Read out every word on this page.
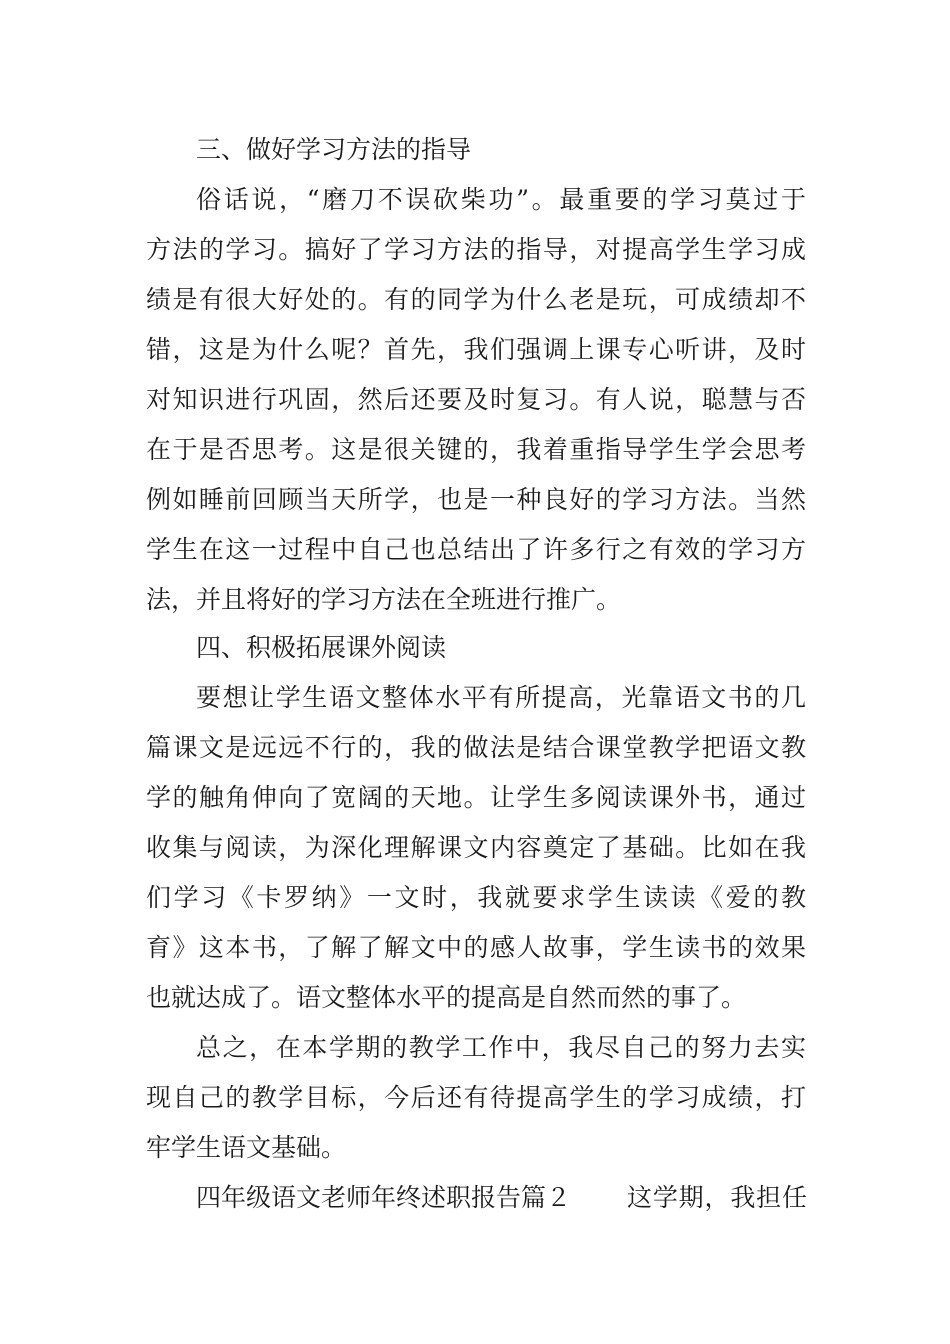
三、做好学习方法的指导
俗话说，“磨刀不误砍柴功”。最重要的学习莫过于
方法的学习。搞好了学习方法的指导，对提高学生学习成
绩是有很大好处的。有的同学为什么老是玩，可成绩却不
错，这是为什么呢？首先，我们强调上课专心听讲，及时
对知识进行巩固，然后还要及时复习。有人说，聪慧与否
在于是否思考。这是很关键的，我着重指导学生学会思考
例如睡前回顾当天所学，也是一种良好的学习方法。当然
学生在这一过程中自己也总结出了许多行之有效的学习方
法，并且将好的学习方法在全班进行推广。
四、积极拓展课外阅读
要想让学生语文整体水平有所提高，光靠语文书的几
篇课文是远远不行的，我的做法是结合课堂教学把语文教
学的触角伸向了宽阔的天地。让学生多阅读课外书，通过
收集与阅读，为深化理解课文内容奠定了基础。比如在我
们学习《卡罗纳》一文时，我就要求学生读读《爱的教
育》这本书，了解了解文中的感人故事，学生读书的效果
也就达成了。语文整体水平的提高是自然而然的事了。
总之，在本学期的教学工作中，我尽自己的努力去实
现自己的教学目标，今后还有待提高学生的学习成绩，打
牢学生语文基础。
四年级语文老师年终述职报告篇２	这学期，我担任
